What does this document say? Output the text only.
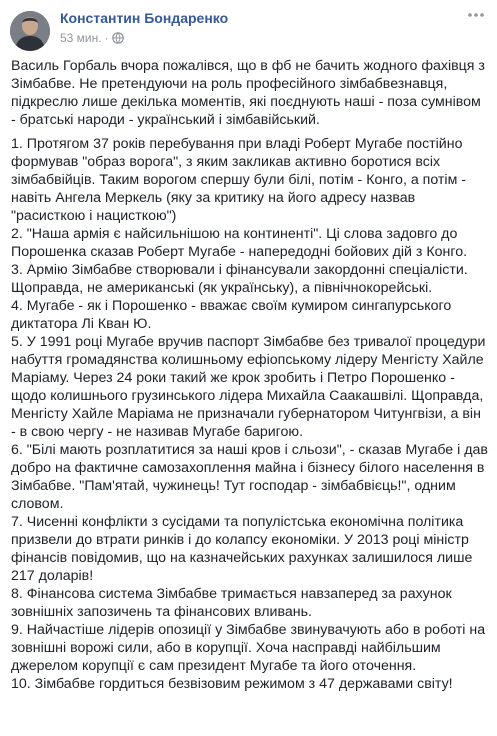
Константин Бондаренко
53 мин. ·

Василь Горбаль вчора пожалівся, що в фб не бачить жодного фахівця з Зімбабве. Не претендуючи на роль професійного зімбабвезнавця, підкреслю лише декілька моментів, які поєднують наші - поза сумнівом - братські народи - український і зімбавійський.

1. Протягом 37 років перебування при владі Роберт Мугабе постійно формував "образ ворога", з яким закликав активно боротися всіх зімбабвійців. Таким ворогом спершу були білі, потім - Конго, а потім - навіть Ангела Меркель (яку за критику на його адресу назвав "расисткою і нацисткою")

2. "Наша армія є найсильнішою на континенті". Ці слова задовго до Порошенка сказав Роберт Мугабе - напередодні бойових дій з Конго.

3. Армію Зімбабве створювали і фінансували закордонні спеціалісти. Щоправда, не американські (як українську), а північнокорейські.

4. Мугабе - як і Порошенко - вважає своїм кумиром сингапурського диктатора Лі Кван Ю.

5. У 1991 році Мугабе вручив паспорт Зімбабве без тривалої процедури набуття громадянства колишньому ефіопському лідеру Менгісту Хайле Маріаму. Через 24 роки такий же крок зробить і Петро Порошенко - щодо колишнього грузинського лідера Михайла Саакашвілі. Щоправда, Менгісту Хайле Маріама не призначали губернатором Читунгвізи, а він - в свою чергу - не називав Мугабе баригою.

6. "Білі мають розплатитися за наші кров і сльози", - сказав Мугабе і дав добро на фактичне самозахоплення майна і бізнесу білого населення в Зімбабве. "Пам'ятай, чужинець! Тут господар - зімбабвієць!", одним словом.

7. Чисенні конфлікти з сусідами та популістська економічна політика призвели до втрати ринків і до колапсу економіки. У 2013 році міністр фінансів повідомив, що на казначейських рахунках залишилося лише 217 доларів!

8. Фінансова система Зімбабве тримається навзаперед за рахунок зовнішніх запозичень та фінансових вливань.

9. Найчастіше лідерів опозиції у Зімбабве звинувачують або в роботі на зовнішні ворожі сили, або в корупції. Хоча насправді найбільшим джерелом корупції є сам президент Мугабе та його оточення.

10. Зімбабве гордиться безвізовим режимом з 47 державами світу!
